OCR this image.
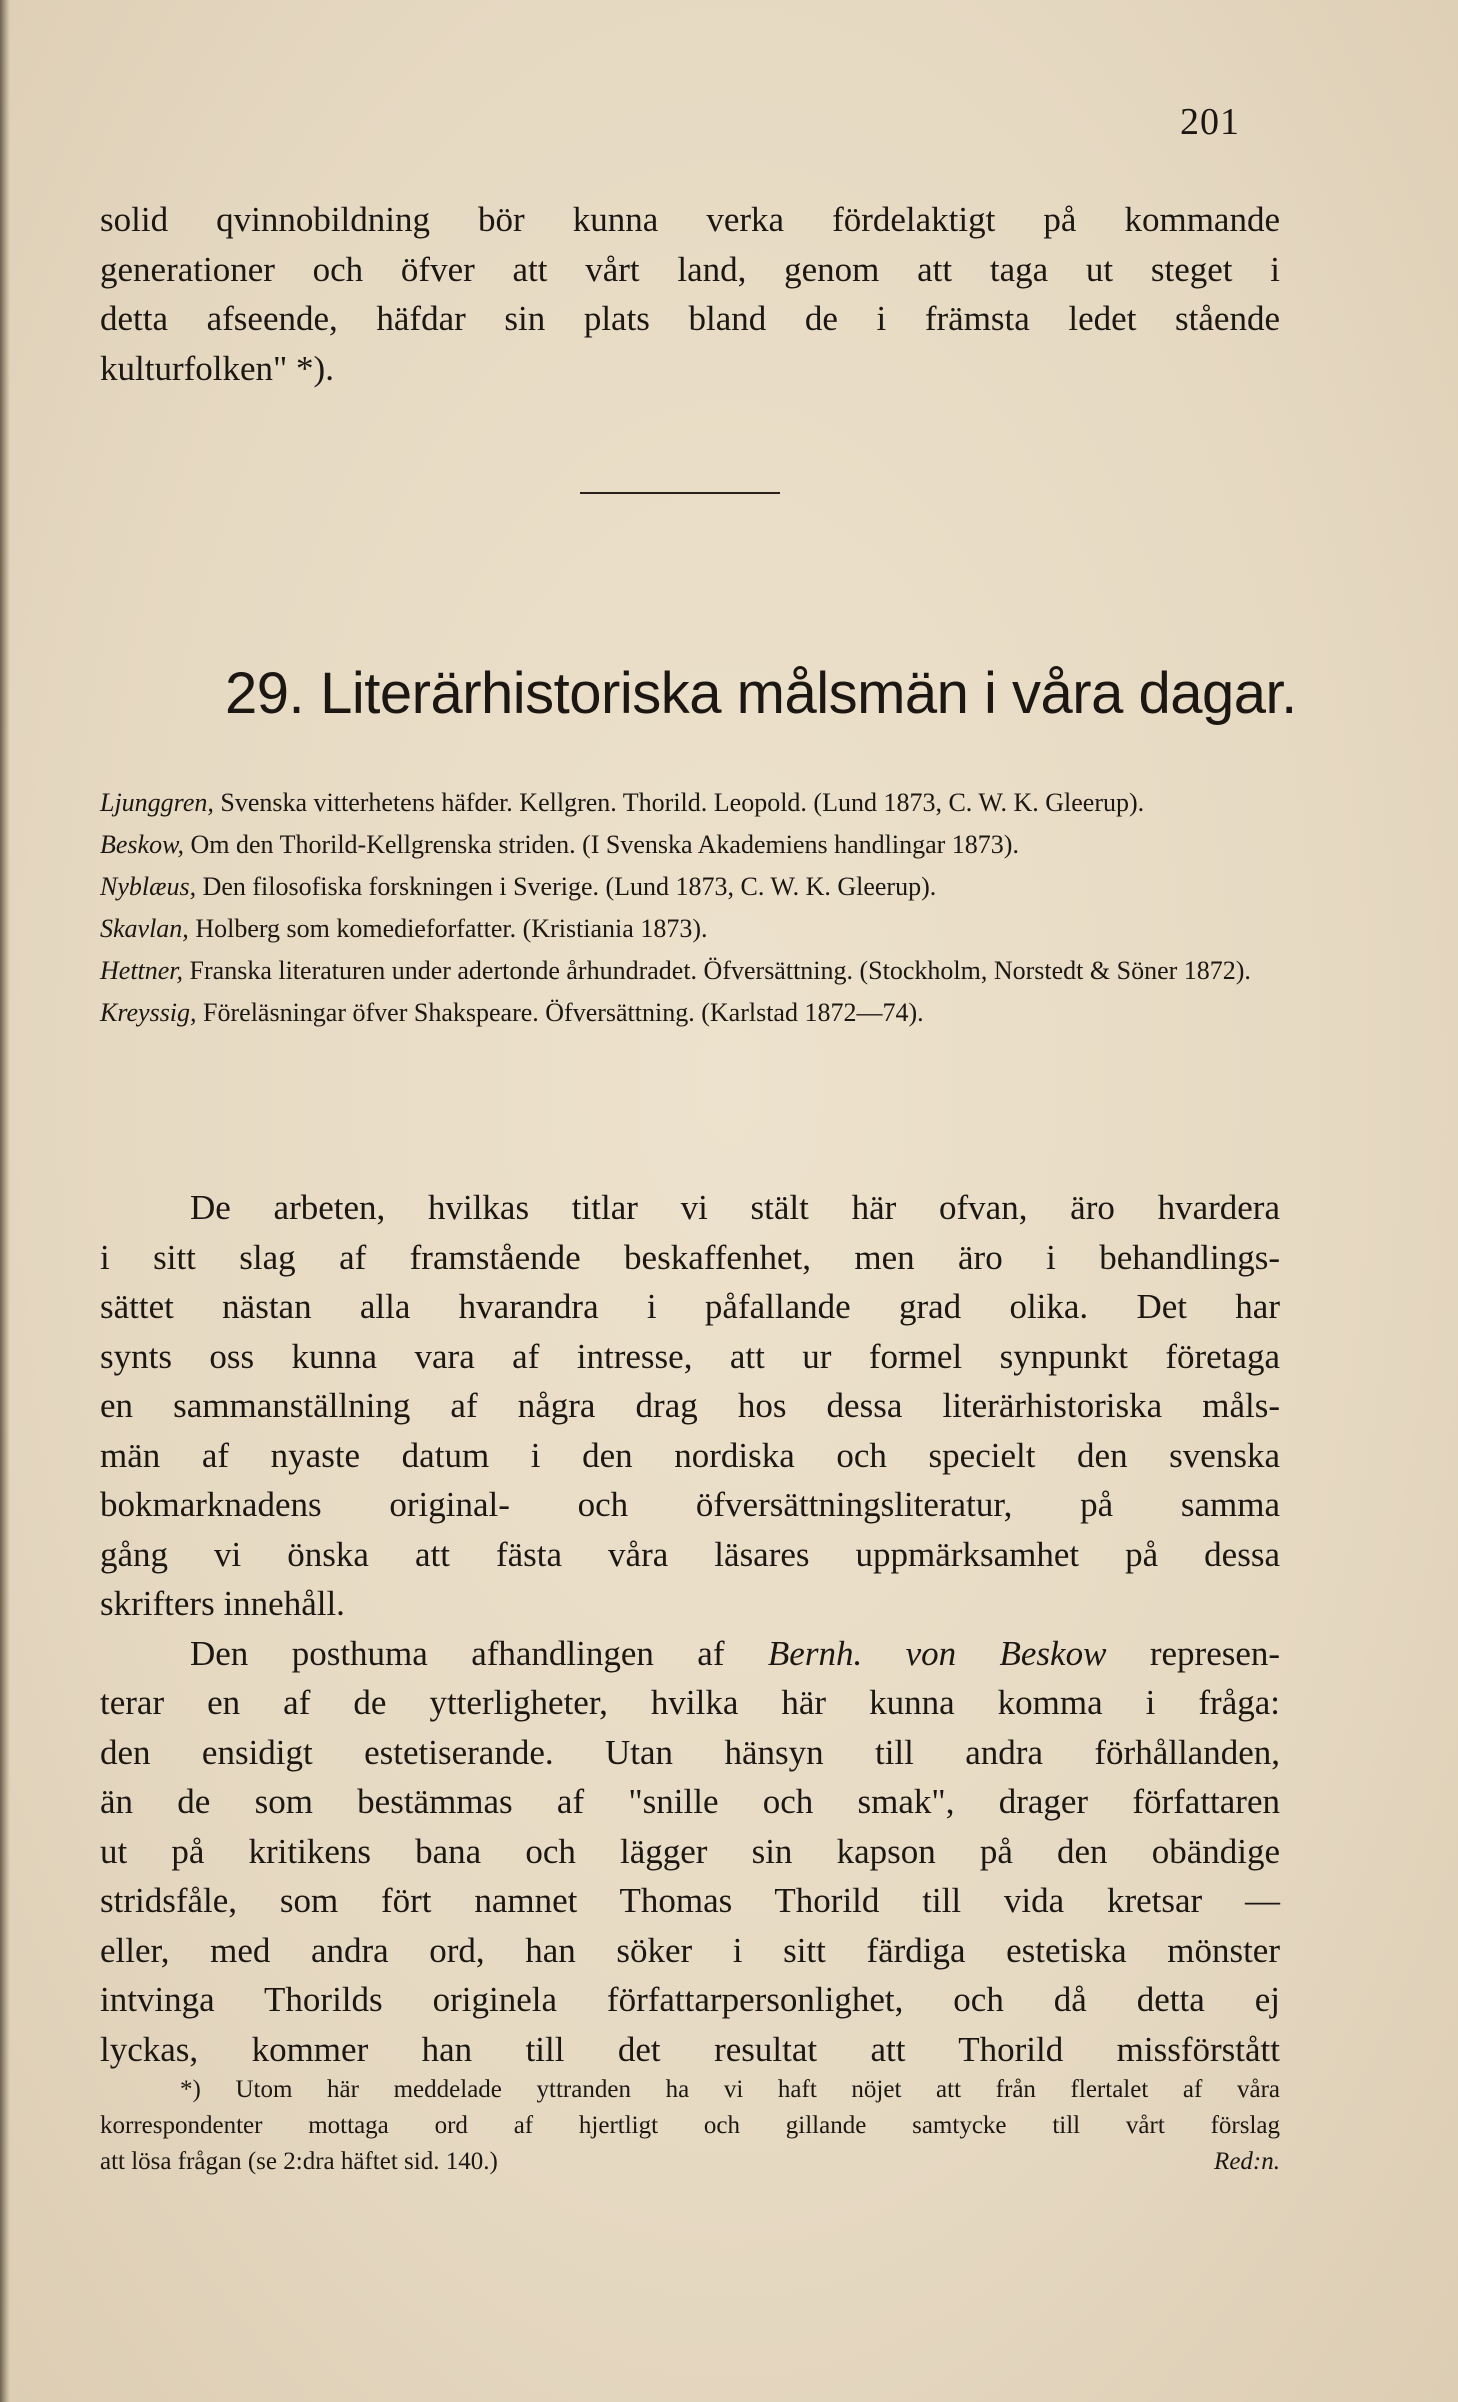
201
solid qvinnobildning bör kunna verka fördelaktigt på kommande
generationer och öfver att vårt land, genom att taga ut steget i
detta afseende, häfdar sin plats bland de i främsta ledet stående
kulturfolken" *).
29. Literärhistoriska målsmän i våra dagar.
Ljunggren, Svenska vitterhetens häfder. Kellgren. Thorild. Leopold. (Lund 1873, C. W. K. Gleerup).
Beskow, Om den Thorild-Kellgrenska striden. (I Svenska Akademiens handlingar 1873).
Nyblæus, Den filosofiska forskningen i Sverige. (Lund 1873, C. W. K. Gleerup).
Skavlan, Holberg som komedieforfatter. (Kristiania 1873).
Hettner, Franska literaturen under adertonde århundradet. Öfversättning. (Stockholm, Norstedt & Söner 1872).
Kreyssig, Föreläsningar öfver Shakspeare. Öfversättning. (Karlstad 1872—74).
De arbeten, hvilkas titlar vi stält här ofvan, äro hvardera
i sitt slag af framstående beskaffenhet, men äro i behandlings-
sättet nästan alla hvarandra i påfallande grad olika. Det har
synts oss kunna vara af intresse, att ur formel synpunkt företaga
en sammanställning af några drag hos dessa literärhistoriska måls-
män af nyaste datum i den nordiska och specielt den svenska
bokmarknadens original- och öfversättningsliteratur, på samma
gång vi önska att fästa våra läsares uppmärksamhet på dessa
skrifters innehåll.
Den posthuma afhandlingen af Bernh. von Beskow represen-
terar en af de ytterligheter, hvilka här kunna komma i fråga:
den ensidigt estetiserande. Utan hänsyn till andra förhållanden,
än de som bestämmas af "snille och smak", drager författaren
ut på kritikens bana och lägger sin kapson på den obändige
stridsfåle, som fört namnet Thomas Thorild till vida kretsar —
eller, med andra ord, han söker i sitt färdiga estetiska mönster
intvinga Thorilds originela författarpersonlighet, och då detta ej
lyckas, kommer han till det resultat att Thorild missförstått
*) Utom här meddelade yttranden ha vi haft nöjet att från flertalet af våra
korrespondenter mottaga ord af hjertligt och gillande samtycke till vårt förslag
att lösa frågan (se 2:dra häftet sid. 140.)	Red:n.
